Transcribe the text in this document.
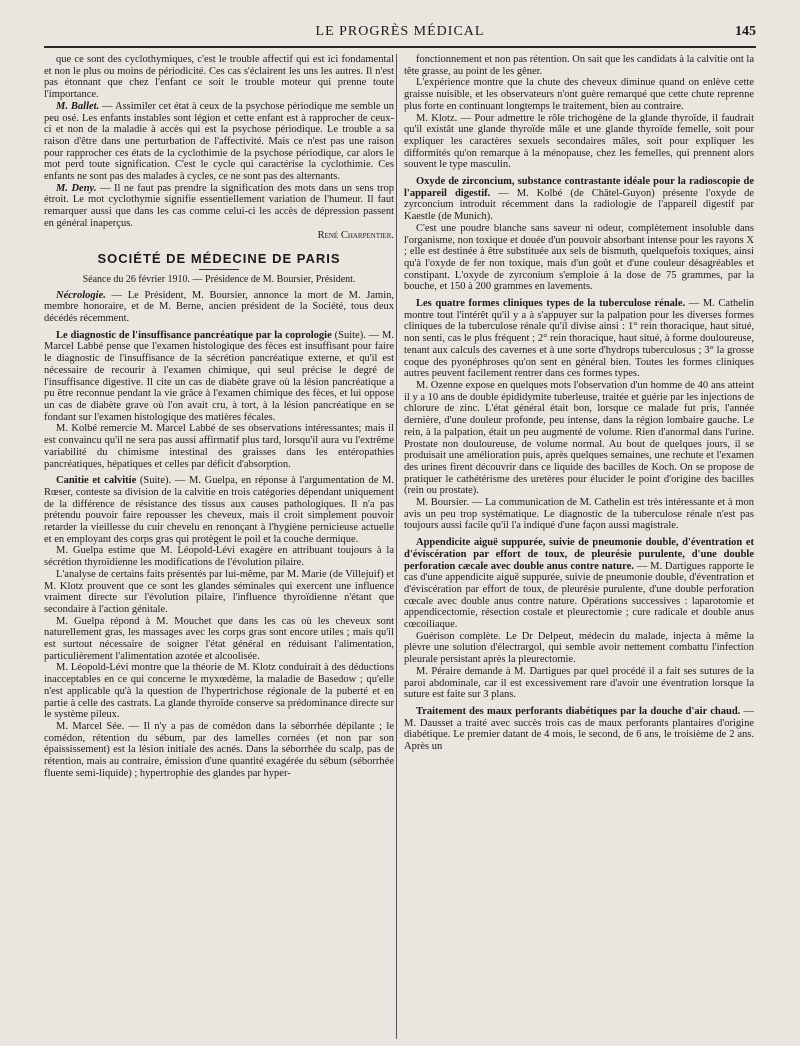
LE PROGRÈS MÉDICAL	145

que ce sont des cyclothymiques, c'est le trouble affectif qui est ici fondamental et non le plus ou moins de périodicité. Ces cas s'éclairent les uns les autres. Il n'est pas étonnant que chez l'enfant ce soit le trouble moteur qui prenne toute l'importance.

M. Ballet. — Assimiler cet état à ceux de la psychose périodique me semble un peu osé. Les enfants instables sont légion et cette enfant est à rapprocher de ceux-ci et non de la maladie à accès qui est la psychose périodique. Le trouble a sa raison d'être dans une perturbation de l'affectivité. Mais ce n'est pas une raison pour rapprocher ces états de la cyclothimie de la psychose périodique, car alors le mot perd toute signification. C'est le cycle qui caractérise la cyclothimie. Ces enfants ne sont pas des malades à cycles, ce ne sont pas des alternants.

M. Deny. — Il ne faut pas prendre la signification des mots dans un sens trop étroit. Le mot cyclothymie signifie essentiellement variation de l'humeur. Il faut remarquer aussi que dans les cas comme celui-ci les accès de dépression passent en général inaperçus.

René Charpentier.

SOCIÉTÉ DE MÉDECINE DE PARIS

Séance du 26 février 1910. — Présidence de M. Boursier, Président.

Nécrologie. — Le Président, M. Boursier, annonce la mort de M. Jamin, membre honoraire, et de M. Berne, ancien président de la Société, tous deux décédés récemment.

Le diagnostic de l'insuffisance pancréatique par la coprologie (Suite). — M. Marcel Labbé pense que l'examen histologique des fèces est insuffisant pour faire le diagnostic de l'insuffisance de la sécrétion pancréatique externe, et qu'il est nécessaire de recourir à l'examen chimique, qui seul précise le degré de l'insuffisance digestive. Il cite un cas de diabète grave où la lésion pancréatique a pu être reconnue pendant la vie grâce à l'examen chimique des fèces, et lui oppose un cas de diabète grave où l'on avait cru, à tort, à la lésion pancréatique en se fondant sur l'examen histologique des matières fécales.

M. Kolbé remercie M. Marcel Labbé de ses observations intéressantes; mais il est convaincu qu'il ne sera pas aussi affirmatif plus tard, lorsqu'il aura vu l'extrême variabilité du chimisme intestinal des graisses dans les entéropathies pancréatiques, hépatiques et celles par déficit d'absorption.

Canitie et calvitie (Suite). — M. Guelpa, en réponse à l'argumentation de M. Rœser, conteste sa division de la calvitie en trois catégories dépendant uniquement de la différence de résistance des tissus aux causes pathologiques. Il n'a pas prétendu pouvoir faire repousser les cheveux, mais il croit simplement pouvoir retarder la vieillesse du cuir chevelu en renonçant à l'hygiène pernicieuse actuelle et en employant des corps gras qui protègent le poil et la couche dermique.

M. Guelpa estime que M. Léopold-Lévi exagère en attribuant toujours à la sécrétion thyroïdienne les modifications de l'évolution pilaire.

L'analyse de certains faits présentés par lui-même, par M. Marie (de Villejuif) et M. Klotz prouvent que ce sont les glandes séminales qui exercent une influence vraiment directe sur l'évolution pilaire, l'influence thyroïdienne n'étant que secondaire à l'action génitale.

M. Guelpa répond à M. Mouchet que dans les cas où les cheveux sont naturellement gras, les massages avec les corps gras sont encore utiles ; mais qu'il est surtout nécessaire de soigner l'état général en réduisant l'alimentation, particulièrement l'alimentation azotée et alcoolisée.

M. Léopold-Lévi montre que la théorie de M. Klotz conduirait à des déductions inacceptables en ce qui concerne le myxœdème, la maladie de Basedow ; qu'elle n'est applicable qu'à la question de l'hypertrichose régionale de la puberté et en partie à celle des castrats. La glande thyroïde conserve sa prédominance directe sur le système pileux.

M. Marcel Sée. — Il n'y a pas de comédon dans la séborrhée dépilante ; le comédon, rétention du sébum, par des lamelles cornées (et non par son épaississement) est la lésion initiale des acnés. Dans la séborrhée du scalp, pas de rétention, mais au contraire, émission d'une quantité exagérée du sébum (séborrhée fluente semi-liquide) ; hypertrophie des glandes par hyper-

fonctionnement et non pas rétention. On sait que les candidats à la calvitie ont la tête grasse, au point de les gêner.

L'expérience montre que la chute des cheveux diminue quand on enlève cette graisse nuisible, et les observateurs n'ont guère remarqué que cette chute reprenne plus forte en continuant longtemps le traitement, bien au contraire.

M. Klotz. — Pour admettre le rôle trichogène de la glande thyroïde, il faudrait qu'il existât une glande thyroïde mâle et une glande thyroïde femelle, soit pour expliquer les caractères sexuels secondaires mâles, soit pour expliquer les difformités qu'on remarque à la ménopause, chez les femelles, qui prennent alors souvent le type masculin.

Oxyde de zirconcium, substance contrastante idéale pour la radioscopie de l'appareil digestif. — M. Kolbé (de Châtel-Guyon) présente l'oxyde de zyrconcium introduit récemment dans la radiologie de l'appareil digestif par Kaestle (de Munich).

C'est une poudre blanche sans saveur ni odeur, complètement insoluble dans l'organisme, non toxique et douée d'un pouvoir absorbant intense pour les rayons X ; elle est destinée à être substituée aux sels de bismuth, quelquefois toxiques, ainsi qu'à l'oxyde de fer non toxique, mais d'un goût et d'une couleur désagréables et constipant. L'oxyde de zyrconium s'emploie à la dose de 75 grammes, par la bouche, et 150 à 200 grammes en lavements.

Les quatre formes cliniques types de la tuberculose rénale. — M. Cathelin montre tout l'intérêt qu'il y a à s'appuyer sur la palpation pour les diverses formes cliniques de la tuberculose rénale qu'il divise ainsi : 1° rein thoracique, haut situé, non senti, cas le plus fréquent ; 2° rein thoracique, haut situé, à forme douloureuse, tenant aux calculs des cavernes et à une sorte d'hydrops tuberculosus ; 3° la grosse coque des pyonéphroses qu'on sent en général bien. Toutes les formes cliniques autres peuvent facilement rentrer dans ces formes types.

M. Ozenne expose en quelques mots l'observation d'un homme de 40 ans atteint il y a 10 ans de double épididymite tuberleuse, traitée et guérie par les injections de chlorure de zinc. L'état général était bon, lorsque ce malade fut pris, l'année dernière, d'une douleur profonde, peu intense, dans la région lombaire gauche. Le rein, à la palpation, était un peu augmenté de volume. Rien d'anormal dans l'urine. Prostate non douloureuse, de volume normal. Au bout de quelques jours, il se produisait une amélioration puis, après quelques semaines, une rechute et l'examen des urines firent découvrir dans ce liquide des bacilles de Koch. On se propose de pratiquer le cathétérisme des uretères pour élucider le point d'origine des bacilles (rein ou prostate).

M. Boursier. — La communication de M. Cathelin est très intéressante et à mon avis un peu trop systématique. Le diagnostic de la tuberculose rénale n'est pas toujours aussi facile qu'il l'a indiqué d'une façon aussi magistrale.

Appendicite aiguë suppurée, suivie de pneumonie double, d'éventration et d'éviscération par effort de toux, de pleurésie purulente, d'une double perforation cæcale avec double anus contre nature. — M. Dartigues rapporte le cas d'une appendicite aiguë suppurée, suivie de pneumonie double, d'éventration et d'éviscération par effort de toux, de pleurésie purulente, d'une double perforation cœcale avec double anus contre nature. Opérations successives : laparotomie et appendicectomie, résection costale et pleurectomie ; cure radicale et double anus cœcoiliaque.

Guérison complète. Le Dr Delpeut, médecin du malade, injecta à même la plèvre une solution d'électrargol, qui semble avoir nettement combattu l'infection pleurale persistant après la pleurectomie.

M. Péraire demande à M. Dartigues par quel procédé il a fait ses sutures de la paroi abdominale, car il est excessivement rare d'avoir une éventration lorsque la suture est faite sur 3 plans.

Traitement des maux perforants diabétiques par la douche d'air chaud. — M. Dausset a traité avec succès trois cas de maux perforants plantaires d'origine diabétique. Le premier datant de 4 mois, le second, de 6 ans, le troisième de 2 ans. Après un
